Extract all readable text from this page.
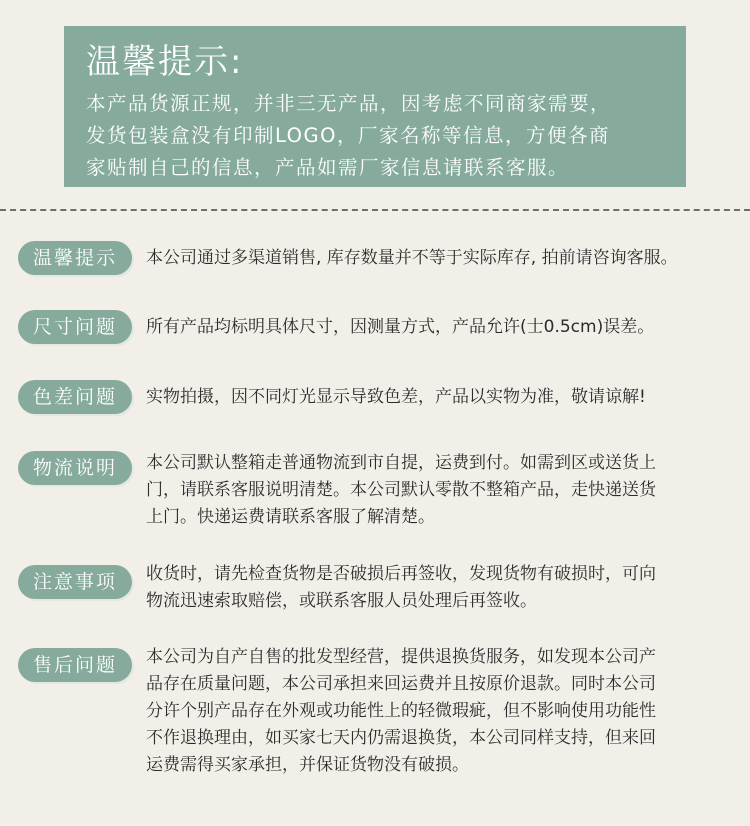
温馨提示:
本产品货源正规，并非三无产品，因考虑不同商家需要，
发货包装盒没有印制LOGO，厂家名称等信息，方便各商
家贴制自己的信息，产品如需厂家信息请联系客服。
温馨提示	本公司通过多渠道销售, 库存数量并不等于实际库存, 拍前请咨询客服。
尺寸问题	所有产品均标明具体尺寸，因测量方式，产品允许(士0.5cm)误差。
色差问题	实物拍摄，因不同灯光显示导致色差，产品以实物为准，敬请谅解!
物流说明	本公司默认整箱走普通物流到市自提，运费到付。如需到区或送货上
门，请联系客服说明清楚。本公司默认零散不整箱产品，走快递送货
上门。快递运费请联系客服了解清楚。
注意事项	收货时，请先检查货物是否破损后再签收，发现货物有破损时，可向
物流迅速索取赔偿，或联系客服人员处理后再签收。
售后问题	本公司为自产自售的批发型经营，提供退换货服务，如发现本公司产
品存在质量问题，本公司承担来回运费并且按原价退款。同时本公司
分许个别产品存在外观或功能性上的轻微瑕疵，但不影响使用功能性
不作退换理由，如买家七天内仍需退换货，本公司同样支持，但来回
运费需得买家承担，并保证货物没有破损。
